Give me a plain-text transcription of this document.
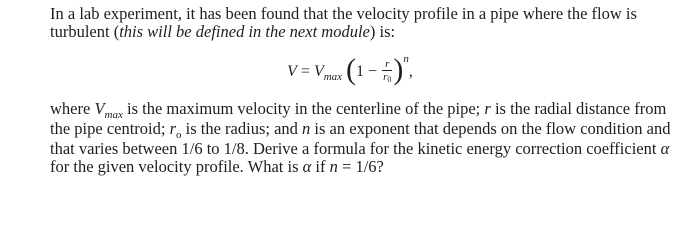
In a lab experiment, it has been found that the velocity profile in a pipe where the flow is

turbulent (this will be defined in the next module) is:

$V = V_{max}$ $(1 - \frac{r}{r0} )^n$,

where $V_{max}$ is the maximum velocity in the centerline of the pipe; r is the radial distance from

the pipe centroid; $r_o$ is the radius; and n is an exponent that depends on the flow condition and

that varies between 1/6 to 1/8. Derive a formula for the kinetic energy correction coefficient α

for the given velocity profile. What is α if n = 1/6?
